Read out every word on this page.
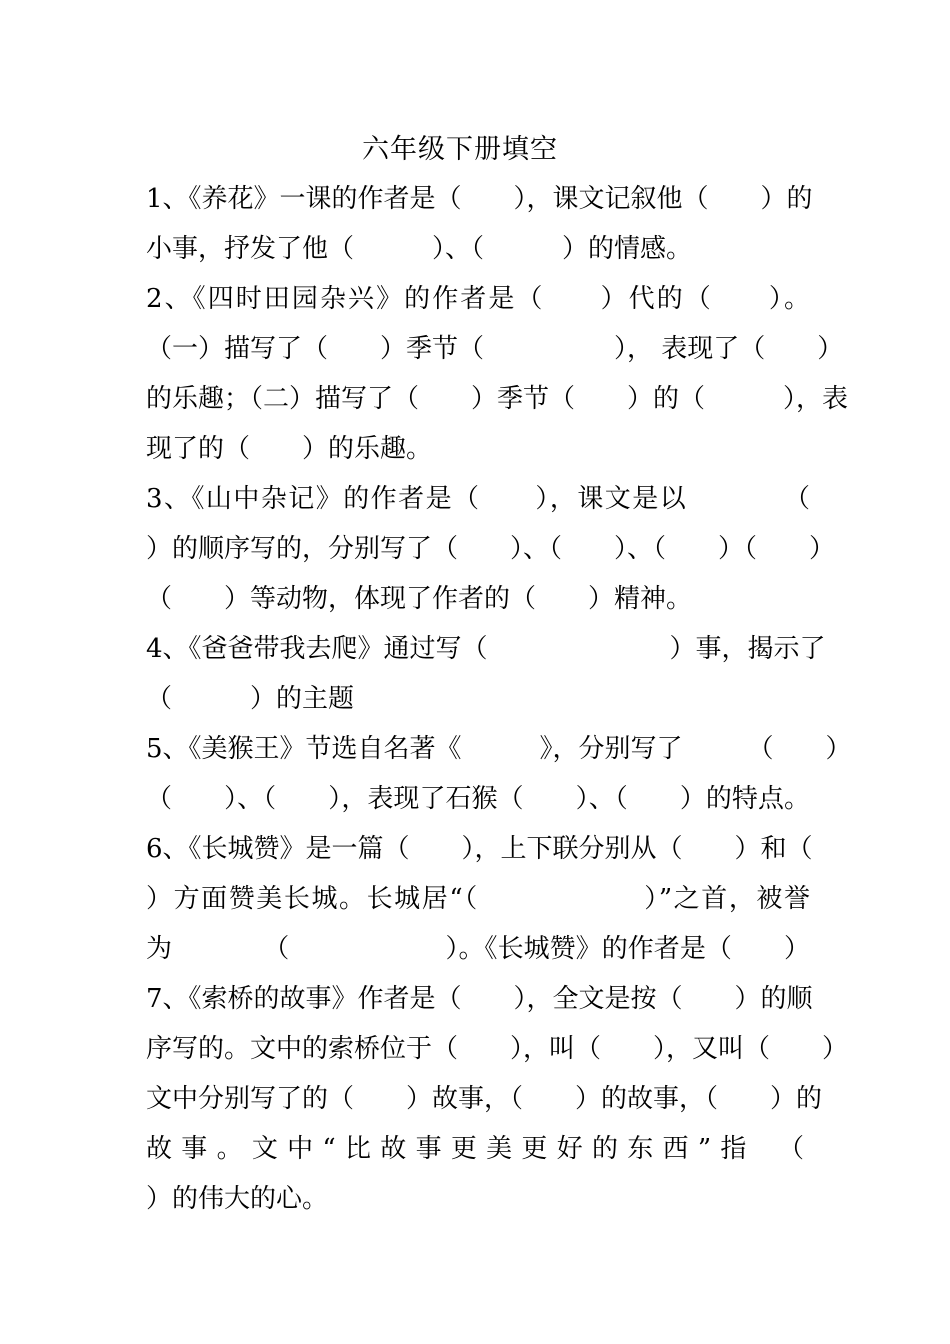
六年级下册填空
1、《养花》一课的作者是（　　），课文记叙他（　　）的
小事，抒发了他（　　　）、（　　　）的情感。
2、《四时田园杂兴》的作者是（　　）代的（　　）。
（一）描写了（　　）季节（　　　　　）， 表现了（　　）
的乐趣；（二）描写了（　　）季节（　　）的（　　　），表
现了的（　　）的乐趣。
3、《山中杂记》的作者是（　　），课文是以　　　　（
）的顺序写的，分别写了（　　）、（　　）、（　　）（　　）
（　　）等动物，体现了作者的（　　）精神。
4、《爸爸带我去爬》通过写（　　　　　　　）事，揭示了
（　　　）的主题
5、《美猴王》节选自名著《　　　》，分别写了　　　（　　）
（　　）、（　　），表现了石猴（　　）、（　　）的特点。
6、《长城赞》是一篇（　　），上下联分别从（　　）和（
）方面赞美长城。长城居“（　　　　　　）”之首，被誉
为　　　　（　　　　　　）。《长城赞》的作者是（　　）
7、《索桥的故事》作者是（　　），全文是按（　　）的顺
序写的。文中的索桥位于（　　），叫（　　），又叫（　　）
文中分别写了的（　　）故事，（　　）的故事，（　　）的
故事。文中“比故事更美更好的东西”指　（
）的伟大的心。
